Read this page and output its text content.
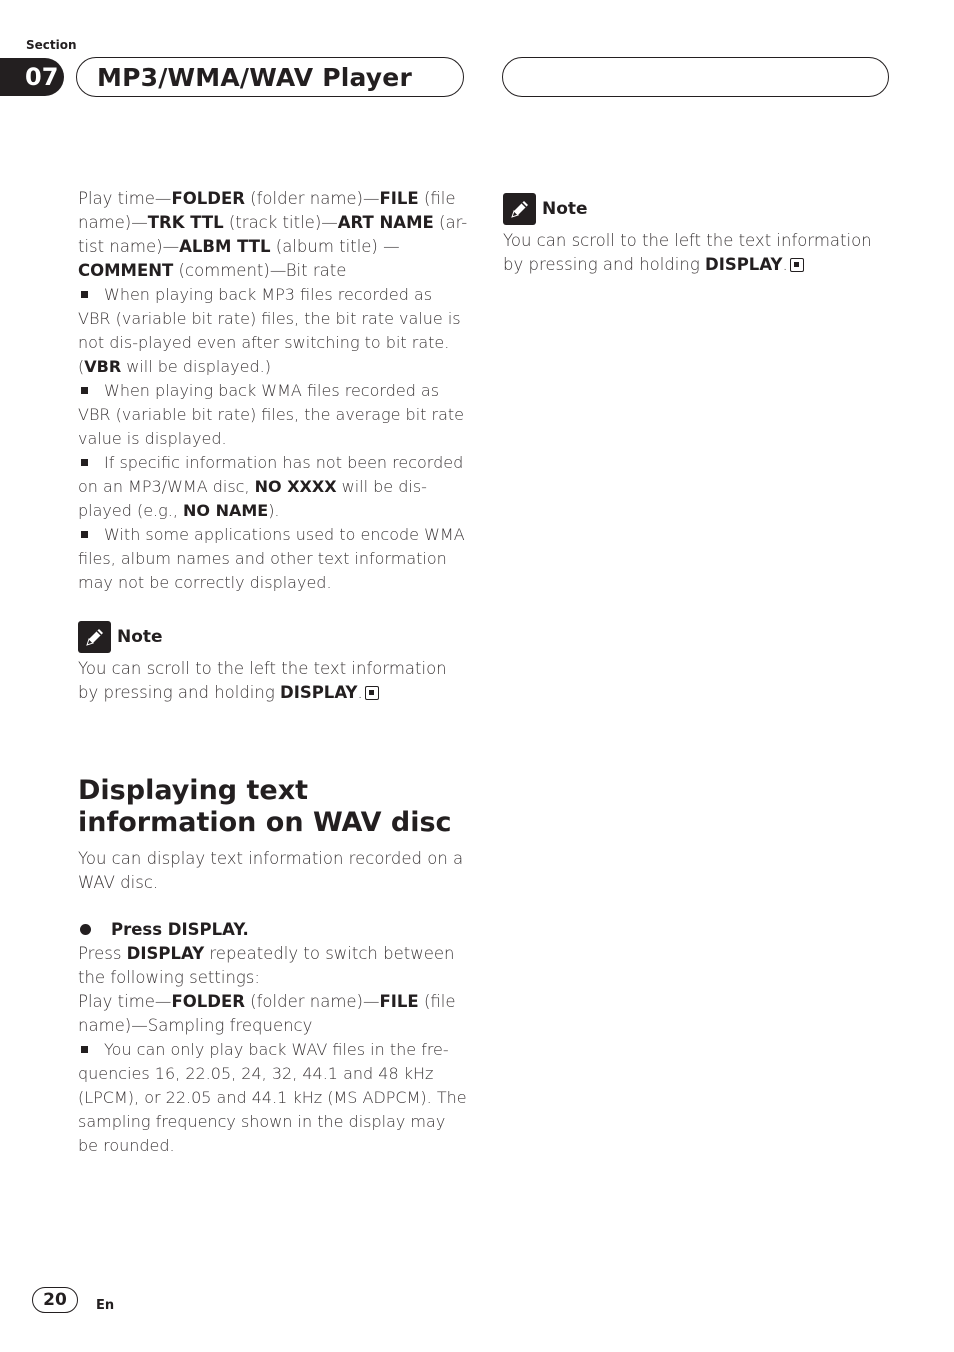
Section
07	MP3/WMA/WAV Player
Play time—FOLDER (folder name)—FILE (file name)—TRK TTL (track title)—ART NAME (ar-tist name)—ALBM TTL (album title) —COMMENT (comment)—Bit rate
When playing back MP3 files recorded as VBR (variable bit rate) files, the bit rate value is not dis-played even after switching to bit rate. (VBR will be displayed.)
When playing back WMA files recorded as VBR (variable bit rate) files, the average bit rate value is displayed.
If specific information has not been recorded on an MP3/WMA disc, NO XXXX will be dis-played (e.g., NO NAME).
With some applications used to encode WMA files, album names and other text information may not be correctly displayed.
Note
You can scroll to the left the text information by pressing and holding DISPLAY.
Displaying text
information on WAV disc
You can display text information recorded on a WAV disc.
Press DISPLAY.
Press DISPLAY repeatedly to switch between the following settings:
Play time—FOLDER (folder name)—FILE (file name)—Sampling frequency
You can only play back WAV files in the fre-quencies 16, 22.05, 24, 32, 44.1 and 48 kHz (LPCM), or 22.05 and 44.1 kHz (MS ADPCM). The sampling frequency shown in the display may be rounded.
Note
You can scroll to the left the text information by pressing and holding DISPLAY.
20	En
